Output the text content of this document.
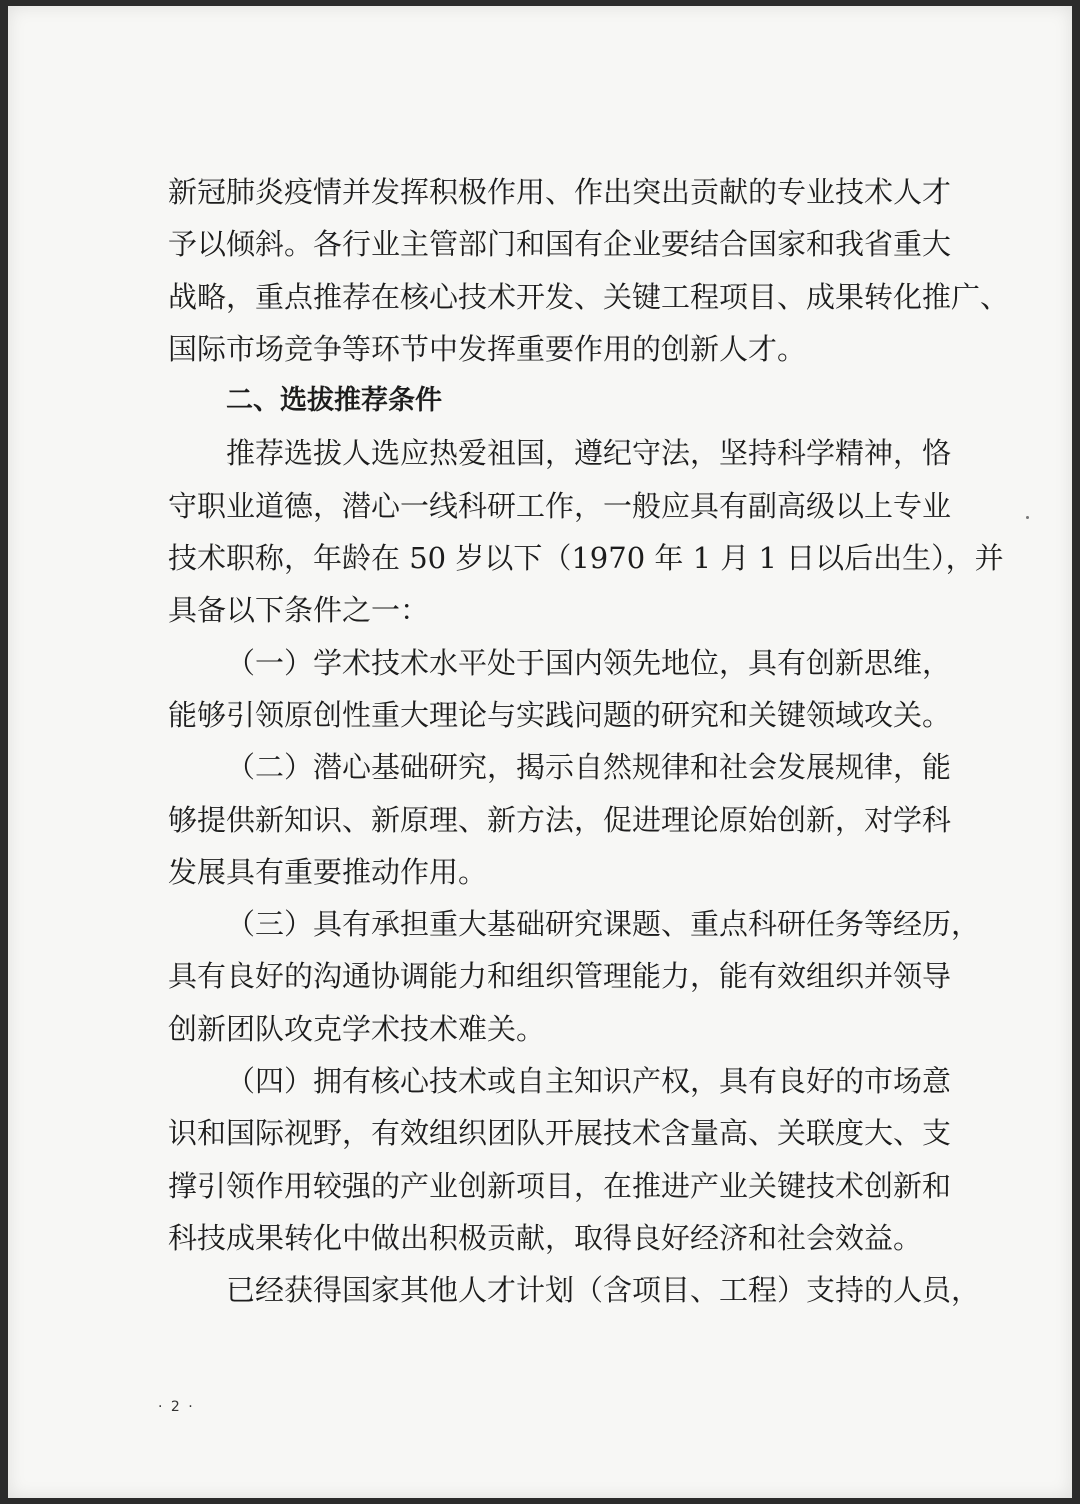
新冠肺炎疫情并发挥积极作用、作出突出贡献的专业技术人才
予以倾斜。各行业主管部门和国有企业要结合国家和我省重大
战略，重点推荐在核心技术开发、关键工程项目、成果转化推广、
国际市场竞争等环节中发挥重要作用的创新人才。
二、选拔推荐条件
推荐选拔人选应热爱祖国，遵纪守法，坚持科学精神，恪
守职业道德，潜心一线科研工作，一般应具有副高级以上专业
技术职称，年龄在 50 岁以下（1970 年 1 月 1 日以后出生），并
具备以下条件之一：
（一）学术技术水平处于国内领先地位，具有创新思维，
能够引领原创性重大理论与实践问题的研究和关键领域攻关。
（二）潜心基础研究，揭示自然规律和社会发展规律，能
够提供新知识、新原理、新方法，促进理论原始创新，对学科
发展具有重要推动作用。
（三）具有承担重大基础研究课题、重点科研任务等经历，
具有良好的沟通协调能力和组织管理能力，能有效组织并领导
创新团队攻克学术技术难关。
（四）拥有核心技术或自主知识产权，具有良好的市场意
识和国际视野，有效组织团队开展技术含量高、关联度大、支
撑引领作用较强的产业创新项目，在推进产业关键技术创新和
科技成果转化中做出积极贡献，取得良好经济和社会效益。
已经获得国家其他人才计划（含项目、工程）支持的人员，
· 2 ·
